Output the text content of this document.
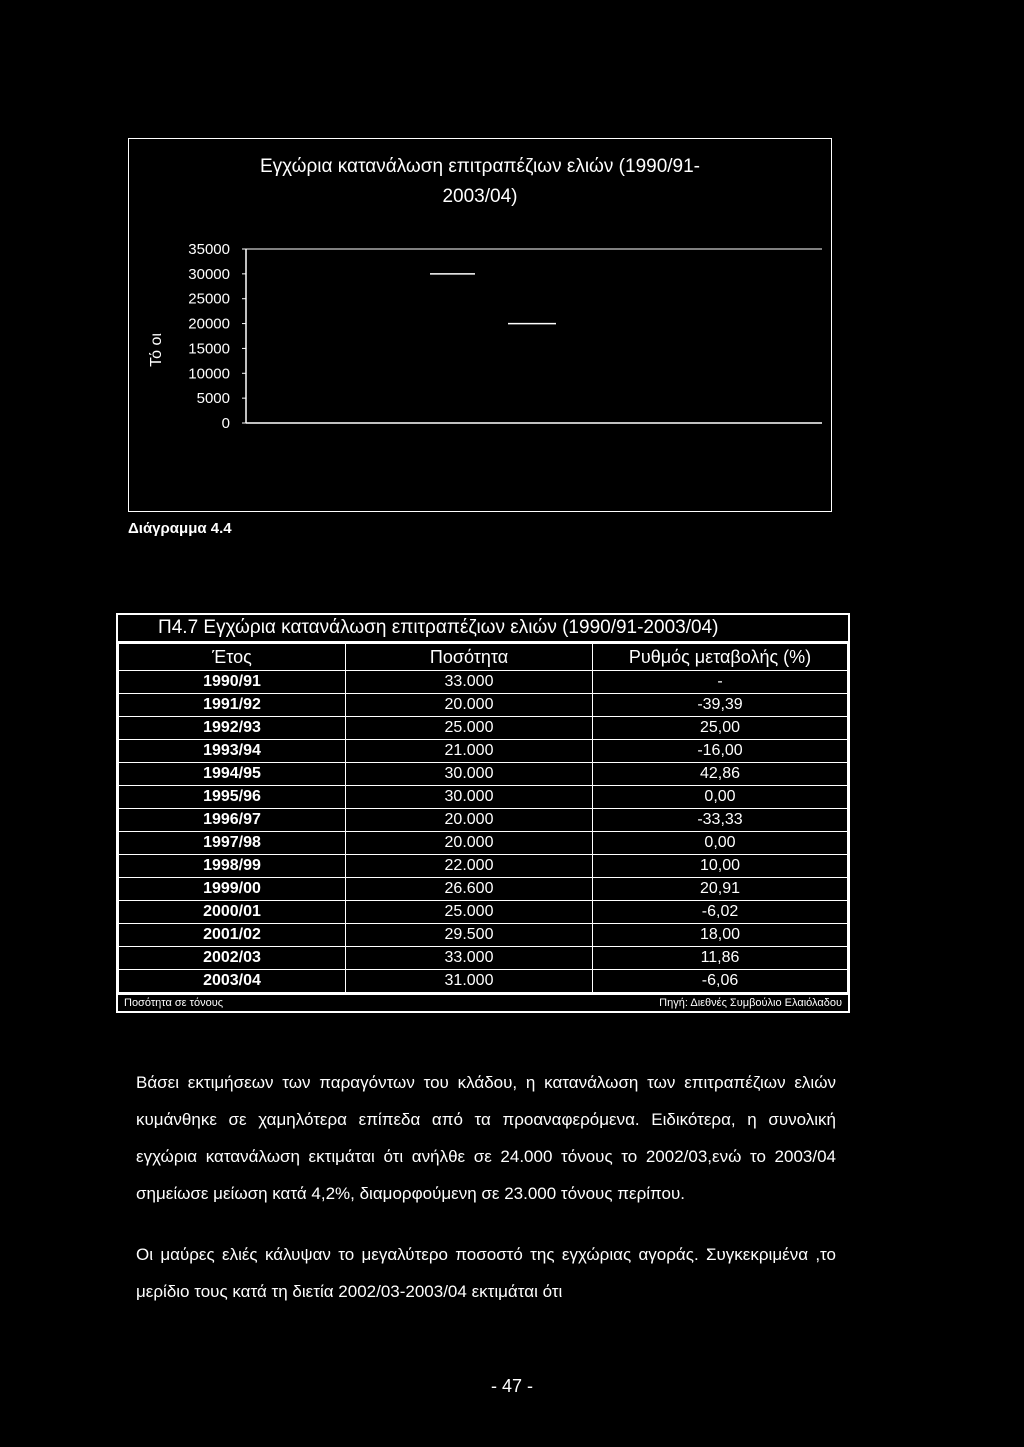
Εγχώρια κατανάλωση επιτραπέζιων ελιών (1990/91-
2003/04)
Τό οι
35000
30000
25000
20000
15000
10000
5000
0
Διάγραμμα 4.4
Π4.7 Εγχώρια κατανάλωση επιτραπέζιων ελιών (1990/91-2003/04)
Έτος	Ποσότητα	Ρυθμός μεταβολής (%)
1990/91	33.000	-
1991/92	20.000	-39,39
1992/93	25.000	25,00
1993/94	21.000	-16,00
1994/95	30.000	42,86
1995/96	30.000	0,00
1996/97	20.000	-33,33
1997/98	20.000	0,00
1998/99	22.000	10,00
1999/00	26.600	20,91
2000/01	25.000	-6,02
2001/02	29.500	18,00
2002/03	33.000	11,86
2003/04	31.000	-6,06
Ποσότητα σε τόνους	Πηγή: Διεθνές Συμβούλιο Ελαιόλαδου
Βάσει εκτιμήσεων των παραγόντων του κλάδου, η κατανάλωση των επιτραπέζιων ελιών κυμάνθηκε σε χαμηλότερα επίπεδα από τα προαναφερόμενα. Ειδικότερα, η συνολική εγχώρια κατανάλωση εκτιμάται ότι ανήλθε σε 24.000 τόνους το 2002/03,ενώ το 2003/04 σημείωσε μείωση κατά 4,2%, διαμορφούμενη σε 23.000 τόνους περίπου.
Οι μαύρες ελιές κάλυψαν το μεγαλύτερο ποσοστό της εγχώριας αγοράς. Συγκεκριμένα ,το μερίδιο τους κατά τη διετία 2002/03-2003/04 εκτιμάται ότι
- 47 -
